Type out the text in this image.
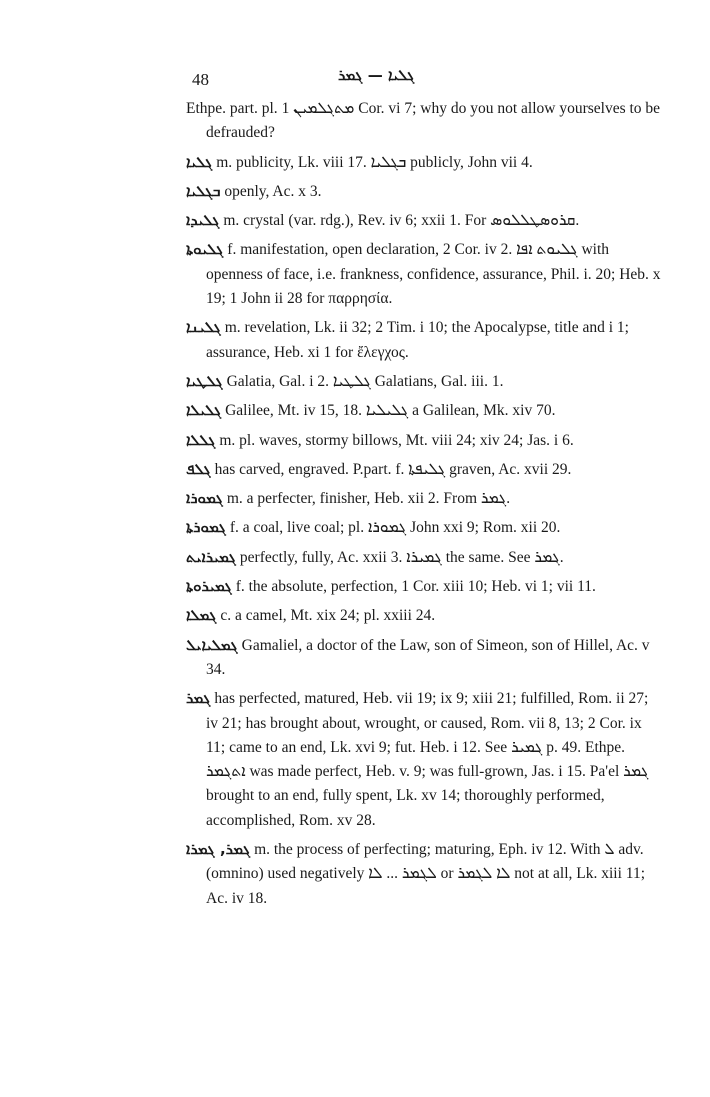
48	ܓܠܝܐ — ܓܡܪ

Ethpe. part. pl. ܡܬܓܠܡܝܢ 1 Cor. vi 7; why do you not allow yourselves to be defrauded?

ܓܠܝܐ m. publicity, Lk. viii 17. ܒܓܠܝܐ publicly, John vii 4.

ܒܓܠܝܐ openly, Ac. x 3.

ܓܠܝܕܐ m. crystal (var. rdg.), Rev. iv 6; xxii 1. For ܩܪܘܣܛܠܠܘܣ.

ܓܠܝܘܬܐ f. manifestation, open declaration, 2 Cor. iv 2. ܓܠܝܘܬ ܐܦܐ with openness of face, i.e. frankness, confidence, assurance, Phil. i. 20; Heb. x 19; 1 John ii 28 for παρρησία.

ܓܠܝܢܐ m. revelation, Lk. ii 32; 2 Tim. i 10; the Apocalypse, title and i 1; assurance, Heb. xi 1 for ἔλεγχος.

ܓܠܛܝܐ Galatia, Gal. i 2. ܓܠܛܝܐ Galatians, Gal. iii. 1.

ܓܠܝܠܐ Galilee, Mt. iv 15, 18. ܓܠܝܠܝܐ a Galilean, Mk. xiv 70.

ܓܠܠܐ m. pl. waves, stormy billows, Mt. viii 24; xiv 24; Jas. i 6.

ܓܠܦ has carved, engraved. P.part. f. ܓܠܝܦܬܐ graven, Ac. xvii 29.

ܓܡܘܪܐ m. a perfecter, finisher, Heb. xii 2. From ܓܡܪ.

ܓܡܘܪܬܐ f. a coal, live coal; pl. ܓܡܘܪܐ John xxi 9; Rom. xii 20.

ܓܡܝܪܐܝܬ perfectly, fully, Ac. xxii 3. ܓܡܝܪܐ the same. See ܓܡܪ.

ܓܡܝܪܘܬܐ f. the absolute, perfection, 1 Cor. xiii 10; Heb. vi 1; vii 11.

ܓܡܠܐ c. a camel, Mt. xix 24; pl. xxiii 24.

ܓܡܠܝܐܝܠ Gamaliel, a doctor of the Law, son of Simeon, son of Hillel, Ac. v 34.

ܓܡܪ has perfected, matured, Heb. vii 19; ix 9; xiii 21; fulfilled, Rom. ii 27; iv 21; has brought about, wrought, or caused, Rom. vii 8, 13; 2 Cor. ix 11; came to an end, Lk. xvi 9; fut. Heb. i 12. See ܓܡܝܪ p. 49. Ethpe. ܐܬܓܡܪ was made perfect, Heb. v. 9; was full-grown, Jas. i 15. Pa'el ܓܡܪ brought to an end, fully spent, Lk. xv 14; thoroughly performed, accomplished, Rom. xv 28.

ܓܡܪ, ܓܡܪܐ m. the process of perfecting; maturing, Eph. iv 12. With ܠ adv. (omnino) used negatively ܠܓܡܪ ... ܠܐ or ܠܐ ܠܓܡܪ not at all, Lk. xiii 11; Ac. iv 18.
